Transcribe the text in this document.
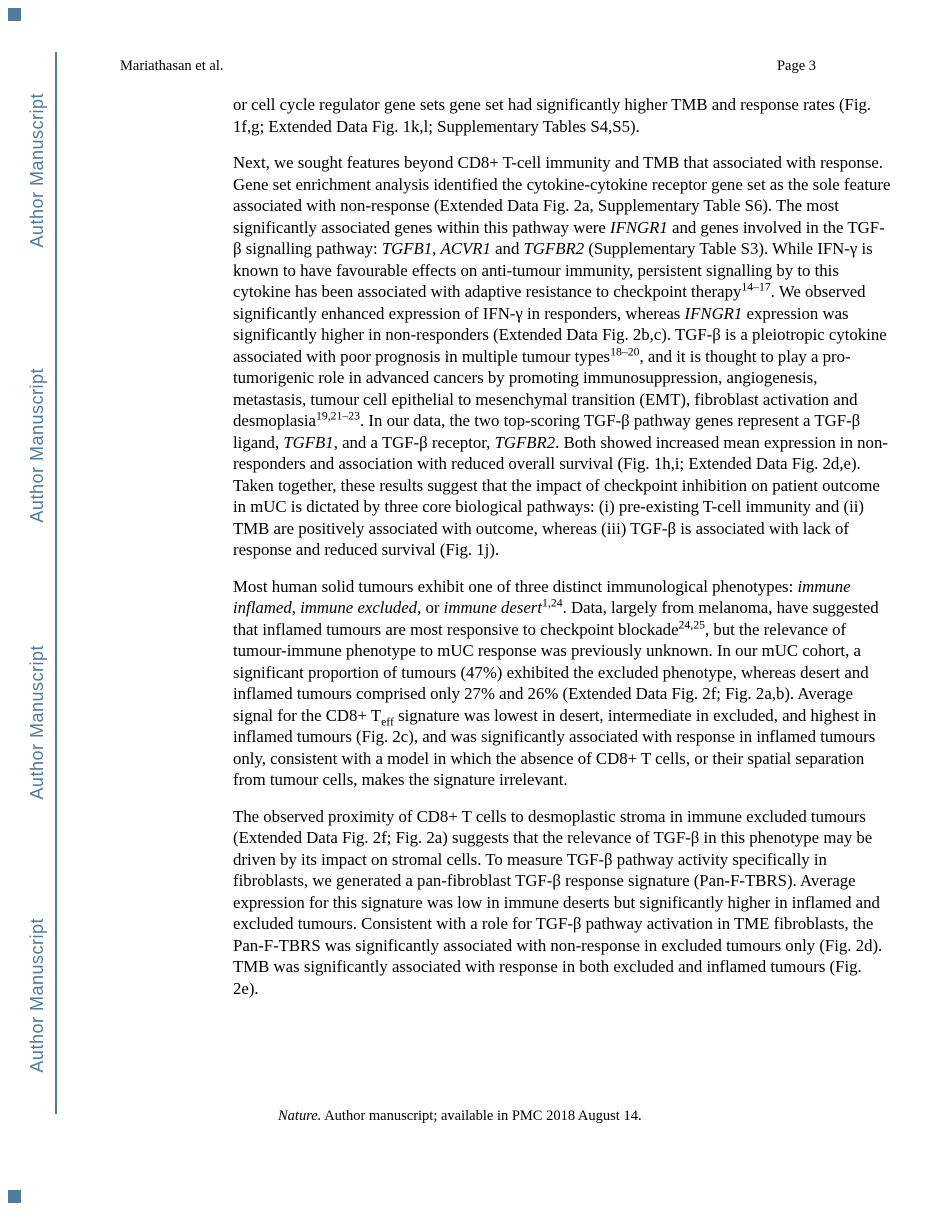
Author Manuscript
Author Manuscript
Author Manuscript
Author Manuscript
Mariathasan et al.	Page 3

or cell cycle regulator gene sets gene set had significantly higher TMB and response rates (Fig. 1f,g; Extended Data Fig. 1k,l; Supplementary Tables S4,S5).

Next, we sought features beyond CD8+ T-cell immunity and TMB that associated with response. Gene set enrichment analysis identified the cytokine-cytokine receptor gene set as the sole feature associated with non-response (Extended Data Fig. 2a, Supplementary Table S6). The most significantly associated genes within this pathway were IFNGR1 and genes involved in the TGF-β signalling pathway: TGFB1, ACVR1 and TGFBR2 (Supplementary Table S3). While IFN-γ is known to have favourable effects on anti-tumour immunity, persistent signalling by to this cytokine has been associated with adaptive resistance to checkpoint therapy$^{14-17}$. We observed significantly enhanced expression of IFN-γ in responders, whereas IFNGR1 expression was significantly higher in non-responders (Extended Data Fig. 2b,c). TGF-β is a pleiotropic cytokine associated with poor prognosis in multiple tumour types$^{18-20}$, and it is thought to play a pro-tumorigenic role in advanced cancers by promoting immunosuppression, angiogenesis, metastasis, tumour cell epithelial to mesenchymal transition (EMT), fibroblast activation and desmoplasia$^{19,21-23}$. In our data, the two top-scoring TGF-β pathway genes represent a TGF-β ligand, TGFB1, and a TGF-β receptor, TGFBR2. Both showed increased mean expression in non-responders and association with reduced overall survival (Fig. 1h,i; Extended Data Fig. 2d,e). Taken together, these results suggest that the impact of checkpoint inhibition on patient outcome in mUC is dictated by three core biological pathways: (i) pre-existing T-cell immunity and (ii) TMB are positively associated with outcome, whereas (iii) TGF-β is associated with lack of response and reduced survival (Fig. 1j).

Most human solid tumours exhibit one of three distinct immunological phenotypes: immune inflamed, immune excluded, or immune desert$^{1,24}$. Data, largely from melanoma, have suggested that inflamed tumours are most responsive to checkpoint blockade$^{24,25}$, but the relevance of tumour-immune phenotype to mUC response was previously unknown. In our mUC cohort, a significant proportion of tumours (47%) exhibited the excluded phenotype, whereas desert and inflamed tumours comprised only 27% and 26% (Extended Data Fig. 2f; Fig. 2a,b). Average signal for the $CD8+ T_{eff}$ signature was lowest in desert, intermediate in excluded, and highest in inflamed tumours (Fig. 2c), and was significantly associated with response in inflamed tumours only, consistent with a model in which the absence of CD8+ T cells, or their spatial separation from tumour cells, makes the signature irrelevant.

The observed proximity of CD8+ T cells to desmoplastic stroma in immune excluded tumours (Extended Data Fig. 2f; Fig. 2a) suggests that the relevance of TGF-β in this phenotype may be driven by its impact on stromal cells. To measure TGF-β pathway activity specifically in fibroblasts, we generated a pan-fibroblast TGF-β response signature (Pan-F-TBRS). Average expression for this signature was low in immune deserts but significantly higher in inflamed and excluded tumours. Consistent with a role for TGF-β pathway activation in TME fibroblasts, the Pan-F-TBRS was significantly associated with non-response in excluded tumours only (Fig. 2d). TMB was significantly associated with response in both excluded and inflamed tumours (Fig. 2e).

Nature. Author manuscript; available in PMC 2018 August 14.
